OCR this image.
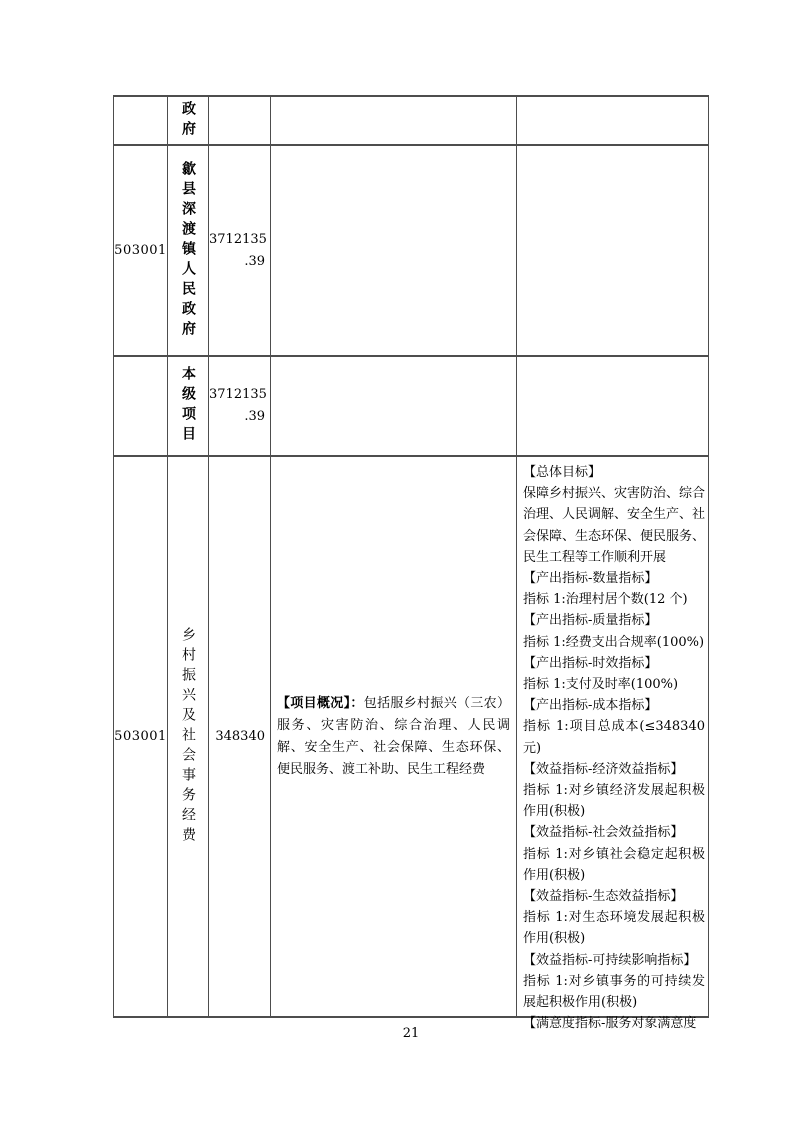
政府
503001 歙县深渡镇人民政府 3712135
.39
本级项目 3712135
.39
503001 乡村振兴及社会事务经费	348340
【项目概况】：包括服乡村振兴（三农）服务、灾害防治、综合治理、人民调解、安全生产、社会保障、生态环保、便民服务、渡工补助、民生工程经费
【总体目标】
保障乡村振兴、灾害防治、综合治理、人民调解、安全生产、社会保障、生态环保、便民服务、民生工程等工作顺利开展
【产出指标-数量指标】
指标 1:治理村居个数(12 个)
【产出指标-质量指标】
指标 1:经费支出合规率(100%)
【产出指标-时效指标】
指标 1:支付及时率(100%)
【产出指标-成本指标】
指标 1:项目总成本(≤348340 元)
【效益指标-经济效益指标】
指标 1:对乡镇经济发展起积极作用(积极)
【效益指标-社会效益指标】
指标 1:对乡镇社会稳定起积极作用(积极)
【效益指标-生态效益指标】
指标 1:对生态环境发展起积极作用(积极)
【效益指标-可持续影响指标】
指标 1:对乡镇事务的可持续发展起积极作用(积极)
【满意度指标-服务对象满意度
21
